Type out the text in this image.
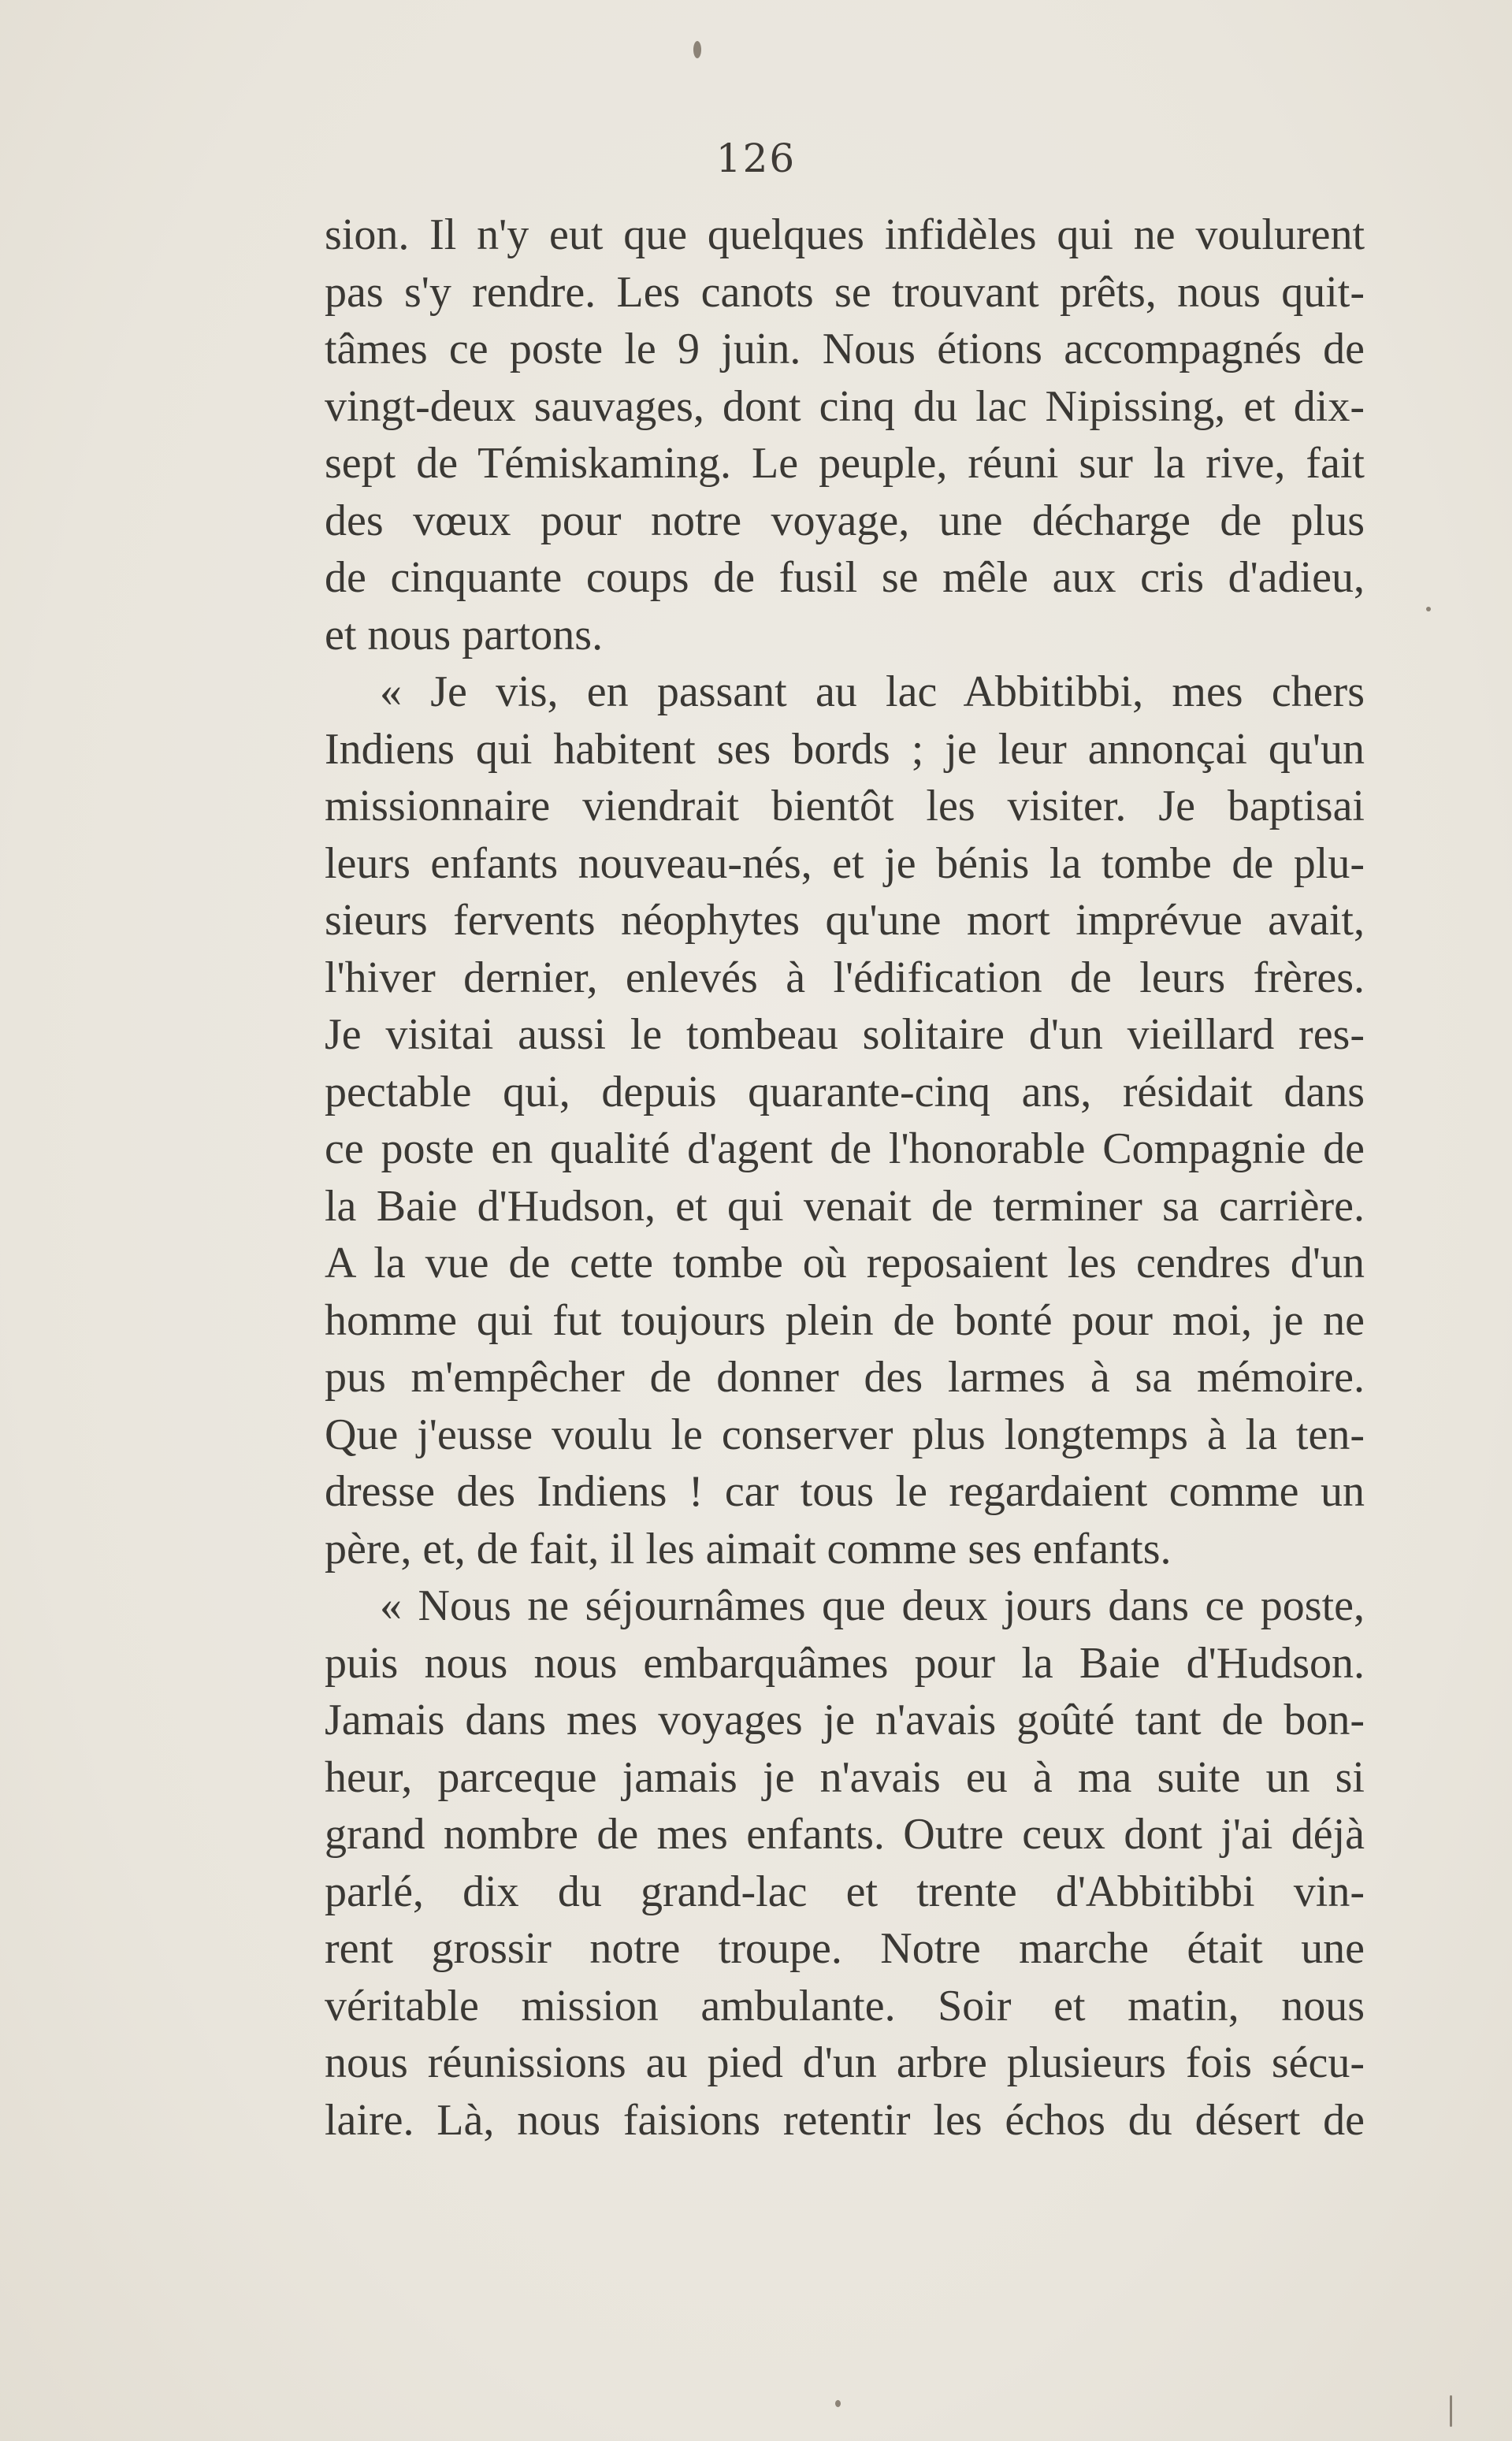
126
sion. Il n'y eut que quelques infidèles qui ne voulurent
pas s'y rendre. Les canots se trouvant prêts, nous quit-
tâmes ce poste le 9 juin. Nous étions accompagnés de
vingt-deux sauvages, dont cinq du lac Nipissing, et dix-
sept de Témiskaming. Le peuple, réuni sur la rive, fait
des vœux pour notre voyage, une décharge de plus
de cinquante coups de fusil se mêle aux cris d'adieu,
et nous partons.
« Je vis, en passant au lac Abbitibbi, mes chers
Indiens qui habitent ses bords ; je leur annonçai qu'un
missionnaire viendrait bientôt les visiter. Je baptisai
leurs enfants nouveau-nés, et je bénis la tombe de plu-
sieurs fervents néophytes qu'une mort imprévue avait,
l'hiver dernier, enlevés à l'édification de leurs frères.
Je visitai aussi le tombeau solitaire d'un vieillard res-
pectable qui, depuis quarante-cinq ans, résidait dans
ce poste en qualité d'agent de l'honorable Compagnie de
la Baie d'Hudson, et qui venait de terminer sa carrière.
A la vue de cette tombe où reposaient les cendres d'un
homme qui fut toujours plein de bonté pour moi, je ne
pus m'empêcher de donner des larmes à sa mémoire.
Que j'eusse voulu le conserver plus longtemps à la ten-
dresse des Indiens ! car tous le regardaient comme un
père, et, de fait, il les aimait comme ses enfants.
« Nous ne séjournâmes que deux jours dans ce poste,
puis nous nous embarquâmes pour la Baie d'Hudson.
Jamais dans mes voyages je n'avais goûté tant de bon-
heur, parceque jamais je n'avais eu à ma suite un si
grand nombre de mes enfants. Outre ceux dont j'ai déjà
parlé, dix du grand-lac et trente d'Abbitibbi vin-
rent grossir notre troupe. Notre marche était une
véritable mission ambulante. Soir et matin, nous
nous réunissions au pied d'un arbre plusieurs fois sécu-
laire. Là, nous faisions retentir les échos du désert de
